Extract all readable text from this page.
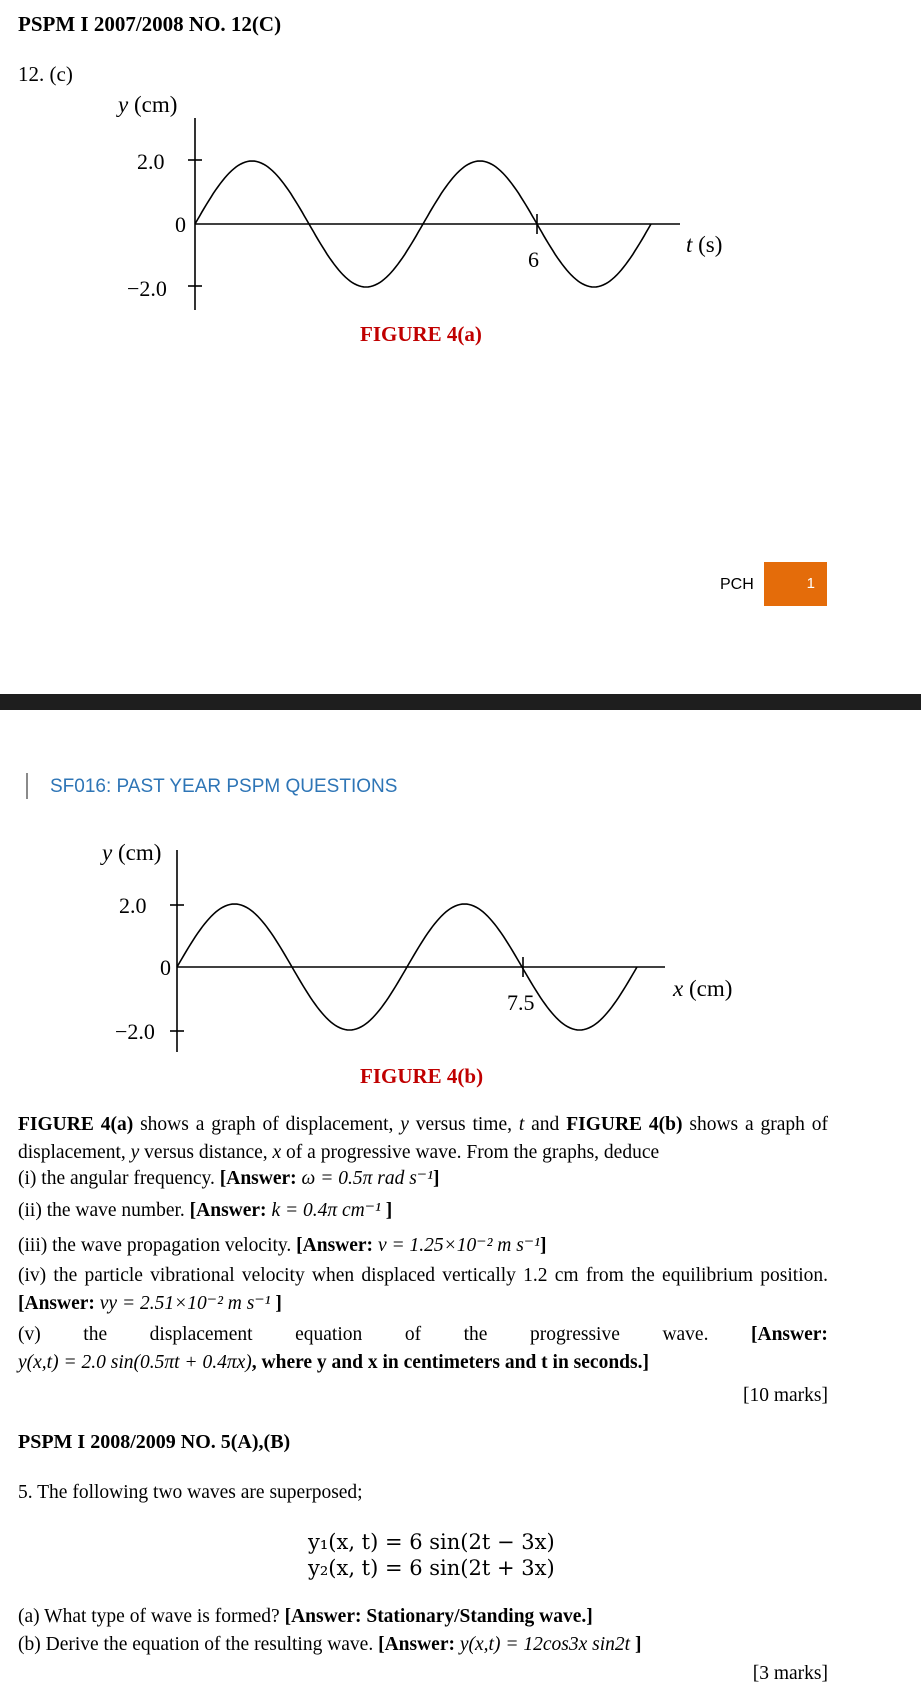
PSPM I 2007/2008 NO. 12(C)
12. (c)
y (cm)
2.0
0
−2.0
6
t (s)
FIGURE 4(a)
PCH	1
SF016: PAST YEAR PSPM QUESTIONS
y (cm)
2.0
0
−2.0
7.5
x (cm)
FIGURE 4(b)
FIGURE 4(a) shows a graph of displacement, y versus time, t and FIGURE 4(b) shows a graph of displacement, y versus distance, x of a progressive wave. From the graphs, deduce
(i) the angular frequency. [Answer: ω = 0.5π rad s⁻¹]
(ii) the wave number. [Answer: k = 0.4π cm⁻¹ ]
(iii) the wave propagation velocity. [Answer: v = 1.25×10⁻² m s⁻¹]
(iv) the particle vibrational velocity when displaced vertically 1.2 cm from the equilibrium position. [Answer: vy = 2.51×10⁻² m s⁻¹ ]
(v) the displacement equation of the progressive wave. [Answer:
y(x,t) = 2.0 sin(0.5πt + 0.4πx), where y and x in centimeters and t in seconds.]
[10 marks]
PSPM I 2008/2009 NO. 5(A),(B)
5. The following two waves are superposed;
y₁(x, t) = 6 sin(2t − 3x)
y₂(x, t) = 6 sin(2t + 3x)
(a) What type of wave is formed? [Answer: Stationary/Standing wave.]
(b) Derive the equation of the resulting wave. [Answer: y(x,t) = 12cos3x sin2t ]
[3 marks]
